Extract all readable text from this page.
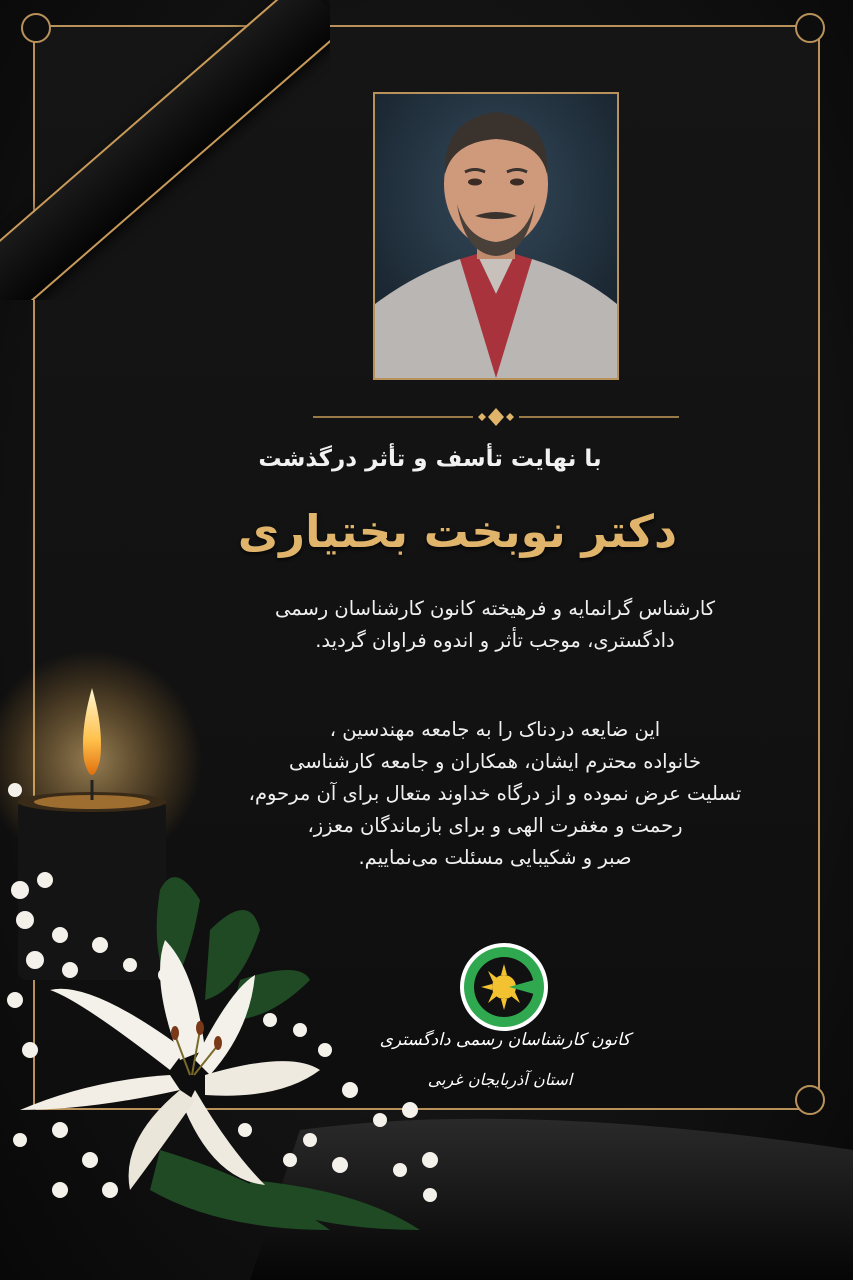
با نهایت تأسف و تأثر درگذشت
دکتر نوبخت بختیاری
کارشناس گرانمایه و فرهیخته کانون کارشناسان رسمی
دادگستری، موجب تأثر و اندوه فراوان گردید.
این ضایعه دردناک را به جامعه مهندسین ،
خانواده محترم ایشان، همکاران و جامعه کارشناسی
تسلیت عرض نموده و از درگاه خداوند متعال برای آن مرحوم،
رحمت و مغفرت الهی و برای بازماندگان معزز،
صبر و شکیبایی مسئلت می‌نماییم.
کانون کارشناسان رسمی دادگستری
استان آذربایجان غربی
